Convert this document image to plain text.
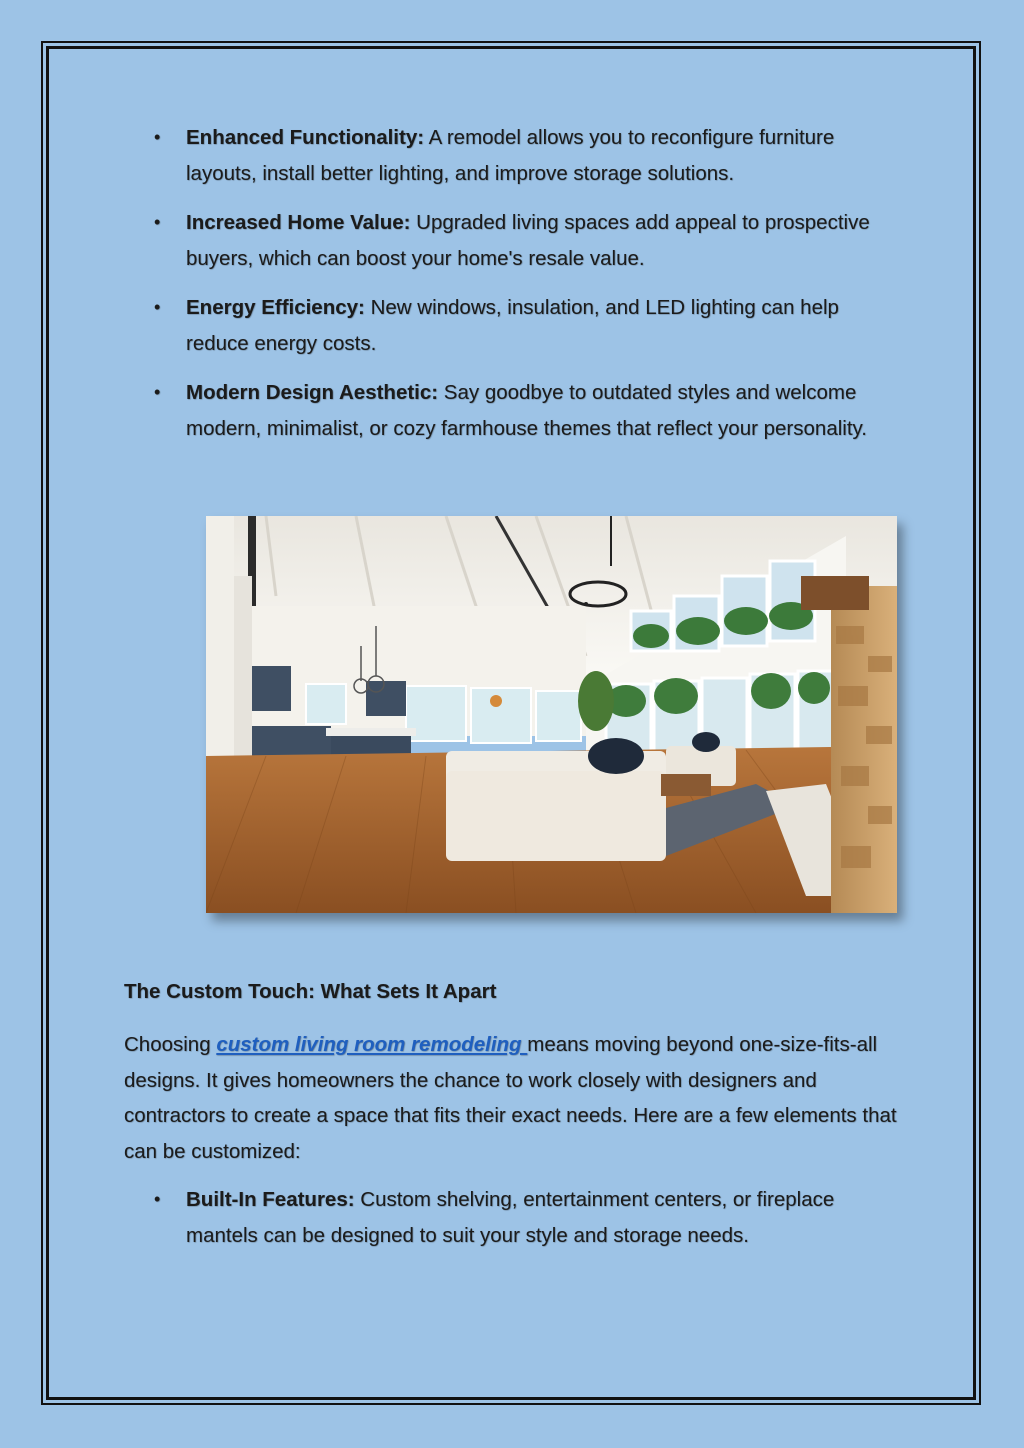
• Enhanced Functionality: A remodel allows you to reconfigure furniture layouts, install better lighting, and improve storage solutions.
• Increased Home Value: Upgraded living spaces add appeal to prospective buyers, which can boost your home's resale value.
• Energy Efficiency: New windows, insulation, and LED lighting can help reduce energy costs.
• Modern Design Aesthetic: Say goodbye to outdated styles and welcome modern, minimalist, or cozy farmhouse themes that reflect your personality.
The Custom Touch: What Sets It Apart
Choosing custom living room remodeling means moving beyond one-size-fits-all designs. It gives homeowners the chance to work closely with designers and contractors to create a space that fits their exact needs. Here are a few elements that can be customized:
• Built-In Features: Custom shelving, entertainment centers, or fireplace mantels can be designed to suit your style and storage needs.
